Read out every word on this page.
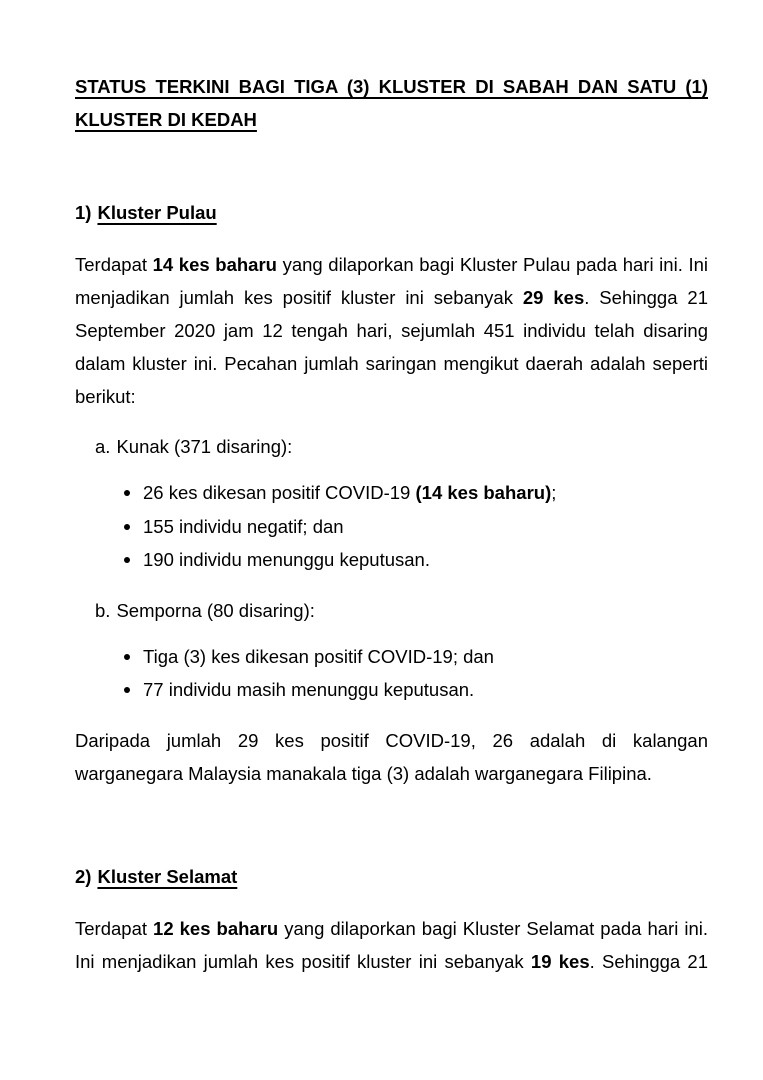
STATUS TERKINI BAGI TIGA (3) KLUSTER DI SABAH DAN SATU (1) KLUSTER DI KEDAH
1) Kluster Pulau

Terdapat 14 kes baharu yang dilaporkan bagi Kluster Pulau pada hari ini. Ini menjadikan jumlah kes positif kluster ini sebanyak 29 kes. Sehingga 21 September 2020 jam 12 tengah hari, sejumlah 451 individu telah disaring dalam kluster ini. Pecahan jumlah saringan mengikut daerah adalah seperti berikut:

a. Kunak (371 disaring):
26 kes dikesan positif COVID-19 (14 kes baharu);
155 individu negatif; dan
190 individu menunggu keputusan.
b. Semporna (80 disaring):
Tiga (3) kes dikesan positif COVID-19; dan
77 individu masih menunggu keputusan.

Daripada jumlah 29 kes positif COVID-19, 26 adalah di kalangan warganegara Malaysia manakala tiga (3) adalah warganegara Filipina.

2) Kluster Selamat

Terdapat 12 kes baharu yang dilaporkan bagi Kluster Selamat pada hari ini. Ini menjadikan jumlah kes positif kluster ini sebanyak 19 kes. Sehingga 21
